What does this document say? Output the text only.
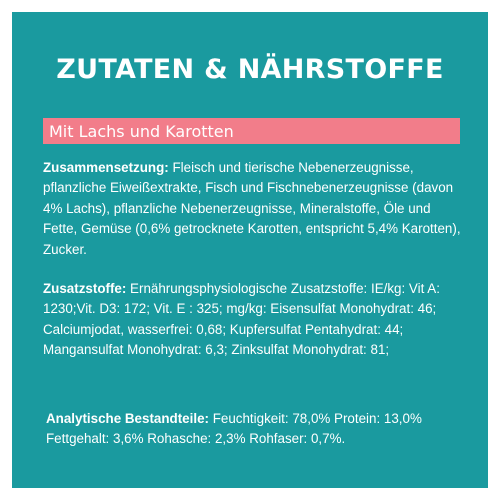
ZUTATEN & NÄHRSTOFFE
Mit Lachs und Karotten
Zusammensetzung: Fleisch und tierische Nebenerzeugnisse, pflanzliche Eiweißextrakte, Fisch und Fischnebenerzeugnisse (davon 4% Lachs), pflanzliche Nebenerzeugnisse, Mineralstoffe, Öle und Fette, Gemüse (0,6% getrocknete Karotten, entspricht 5,4% Karotten), Zucker.
Zusatzstoffe: Ernährungsphysiologische Zusatzstoffe: IE/kg: Vit A: 1230;Vit. D3: 172; Vit. E : 325; mg/kg: Eisensulfat Monohydrat: 46; Calciumjodat, wasserfrei: 0,68; Kupfersulfat Pentahydrat: 44; Mangansulfat Monohydrat: 6,3; Zinksulfat Monohydrat: 81;
Analytische Bestandteile: Feuchtigkeit: 78,0% Protein: 13,0% Fettgehalt: 3,6% Rohasche: 2,3% Rohfaser: 0,7%.
